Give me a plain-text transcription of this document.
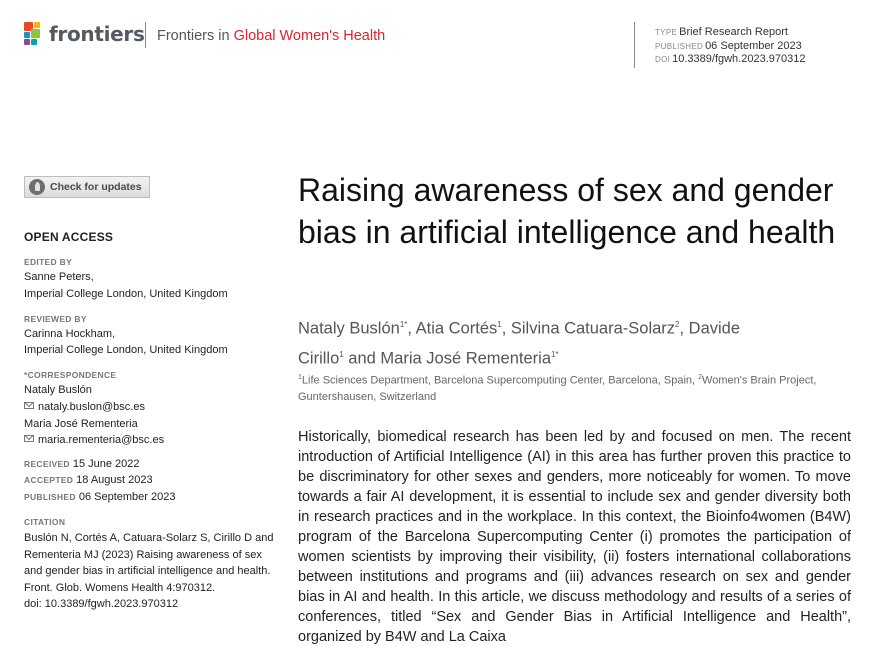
frontiers Frontiers in Global Women's Health	TYPE Brief Research Report
PUBLISHED 06 September 2023
DOI 10.3389/fgwh.2023.970312
Check for updates
OPEN ACCESS
EDITED BY
Sanne Peters,
Imperial College London, United Kingdom
REVIEWED BY
Carinna Hockham,
Imperial College London, United Kingdom
*CORRESPONDENCE
Nataly Buslón
nataly.buslon@bsc.es
Maria José Rementeria
maria.rementeria@bsc.es
RECEIVED 15 June 2022
ACCEPTED 18 August 2023
PUBLISHED 06 September 2023
CITATION
Buslón N, Cortés A, Catuara-Solarz S, Cirillo D and Rementeria MJ (2023) Raising awareness of sex and gender bias in artificial intelligence and health.
Front. Glob. Womens Health 4:970312.
doi: 10.3389/fgwh.2023.970312
Raising awareness of sex and gender bias in artificial intelligence and health
Nataly Buslón$^{1*}$, Atia Cortés$^1$, Silvina Catuara-Solarz$^2$, Davide Cirillo$^1$ and Maria José Rementeria$^{1*}$
$^1$Life Sciences Department, Barcelona Supercomputing Center, Barcelona, Spain, $^2$Women's Brain Project, Guntershausen, Switzerland

Historically, biomedical research has been led by and focused on men. The recent introduction of Artificial Intelligence (AI) in this area has further proven this practice to be discriminatory for other sexes and genders, more noticeably for women. To move towards a fair AI development, it is essential to include sex and gender diversity both in research practices and in the workplace. In this context, the Bioinfo4women (B4W) program of the Barcelona Supercomputing Center (i) promotes the participation of women scientists by improving their visibility, (ii) fosters international collaborations between institutions and programs and (iii) advances research on sex and gender bias in AI and health. In this article, we discuss methodology and results of a series of conferences, titled “Sex and Gender Bias in Artificial Intelligence and Health”, organized by B4W and La Caixa
